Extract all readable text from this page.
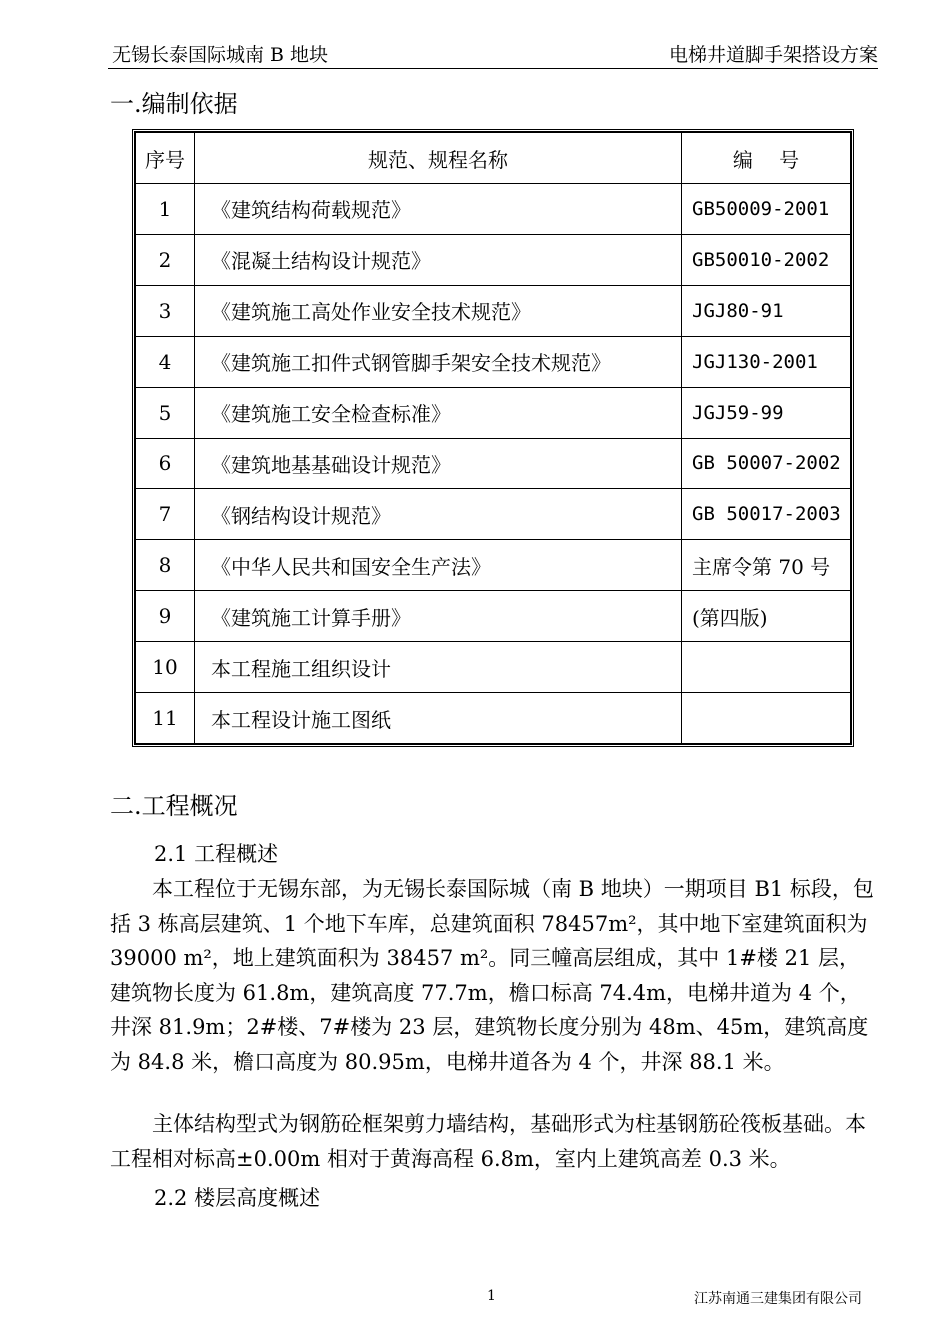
无锡长泰国际城南 B 地块	电梯井道脚手架搭设方案
一.编制依据
序号	规范、规程名称	编　 号
1	《建筑结构荷载规范》	GB50009-2001
2	《混凝土结构设计规范》	GB50010-2002
3	《建筑施工高处作业安全技术规范》	JGJ80-91
4	《建筑施工扣件式钢管脚手架安全技术规范》	JGJ130-2001
5	《建筑施工安全检查标准》	JGJ59-99
6	《建筑地基基础设计规范》	GB 50007-2002
7	《钢结构设计规范》	GB 50017-2003
8	《中华人民共和国安全生产法》	主席令第 70 号
9	《建筑施工计算手册》	(第四版)
10	本工程施工组织设计	
11	本工程设计施工图纸	
二.工程概况
2.1 工程概述
　　本工程位于无锡东部，为无锡长泰国际城（南 B 地块）一期项目 B1 标段，包括 3 栋高层建筑、1 个地下车库，总建筑面积 78457m²，其中地下室建筑面积为 39000 m²，地上建筑面积为 38457 m²。同三幢高层组成，其中 1#楼 21 层，建筑物长度为 61.8m，建筑高度 77.7m，檐口标高 74.4m，电梯井道为 4 个，井深 81.9m；2#楼、7#楼为 23 层，建筑物长度分别为 48m、45m，建筑高度为 84.8 米，檐口高度为 80.95m，电梯井道各为 4 个，井深 88.1 米。
　　主体结构型式为钢筋砼框架剪力墙结构，基础形式为柱基钢筋砼筏板基础。本工程相对标高±0.00m 相对于黄海高程 6.8m，室内上建筑高差 0.3 米。
2.2 楼层高度概述
1	江苏南通三建集团有限公司
